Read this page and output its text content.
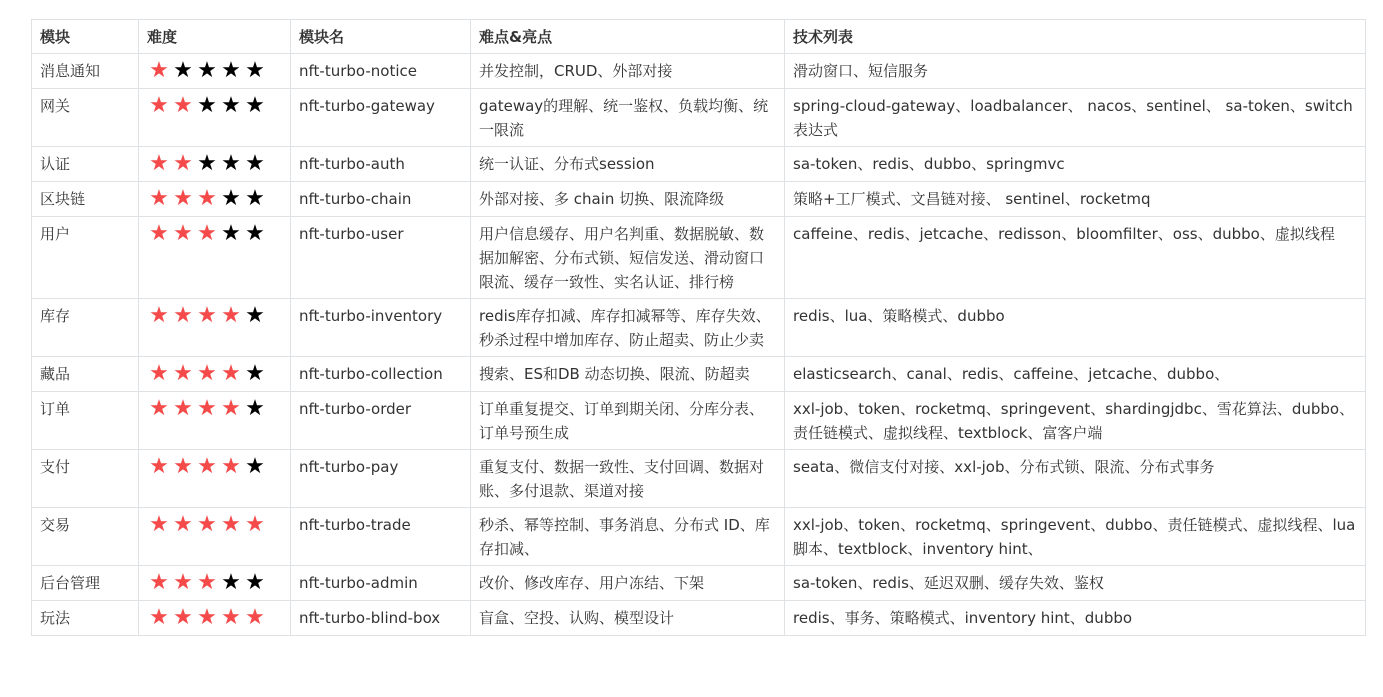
模块	难度	模块名	难点&亮点	技术列表
消息通知	★ ★ ★ ★ ★	nft-turbo-notice	并发控制，CRUD、外部对接	滑动窗口、短信服务
网关	★ ★ ★ ★ ★	nft-turbo-gateway	gateway的理解、统一鉴权、负载均衡、统一限流	spring-cloud-gateway、loadbalancer、 nacos、sentinel、 sa-token、switch 表达式
认证	★ ★ ★ ★ ★	nft-turbo-auth	统一认证、分布式session	sa-token、redis、dubbo、springmvc
区块链	★ ★ ★ ★ ★	nft-turbo-chain	外部对接、多 chain 切换、限流降级	策略+工厂模式、文昌链对接、 sentinel、rocketmq
用户	★ ★ ★ ★ ★	nft-turbo-user	用户信息缓存、用户名判重、数据脱敏、数据加解密、分布式锁、短信发送、滑动窗口限流、缓存一致性、实名认证、排行榜	caffeine、redis、jetcache、redisson、bloomfilter、oss、dubbo、虚拟线程
库存	★ ★ ★ ★ ★	nft-turbo-inventory	redis库存扣减、库存扣减幂等、库存失效、秒杀过程中增加库存、防止超卖、防止少卖	redis、lua、策略模式、dubbo
藏品	★ ★ ★ ★ ★	nft-turbo-collection	搜索、ES和DB 动态切换、限流、防超卖	elasticsearch、canal、redis、caffeine、jetcache、dubbo、
订单	★ ★ ★ ★ ★	nft-turbo-order	订单重复提交、订单到期关闭、分库分表、订单号预生成	xxl-job、token、rocketmq、springevent、shardingjdbc、雪花算法、dubbo、责任链模式、虚拟线程、textblock、富客户端
支付	★ ★ ★ ★ ★	nft-turbo-pay	重复支付、数据一致性、支付回调、数据对账、多付退款、渠道对接	seata、微信支付对接、xxl-job、分布式锁、限流、分布式事务
交易	★ ★ ★ ★ ★	nft-turbo-trade	秒杀、幂等控制、事务消息、分布式 ID、库存扣减、	xxl-job、token、rocketmq、springevent、dubbo、责任链模式、虚拟线程、lua脚本、textblock、inventory hint、
后台管理	★ ★ ★ ★ ★	nft-turbo-admin	改价、修改库存、用户冻结、下架	sa-token、redis、延迟双删、缓存失效、鉴权
玩法	★ ★ ★ ★ ★	nft-turbo-blind-box	盲盒、空投、认购、模型设计	redis、事务、策略模式、inventory hint、dubbo
